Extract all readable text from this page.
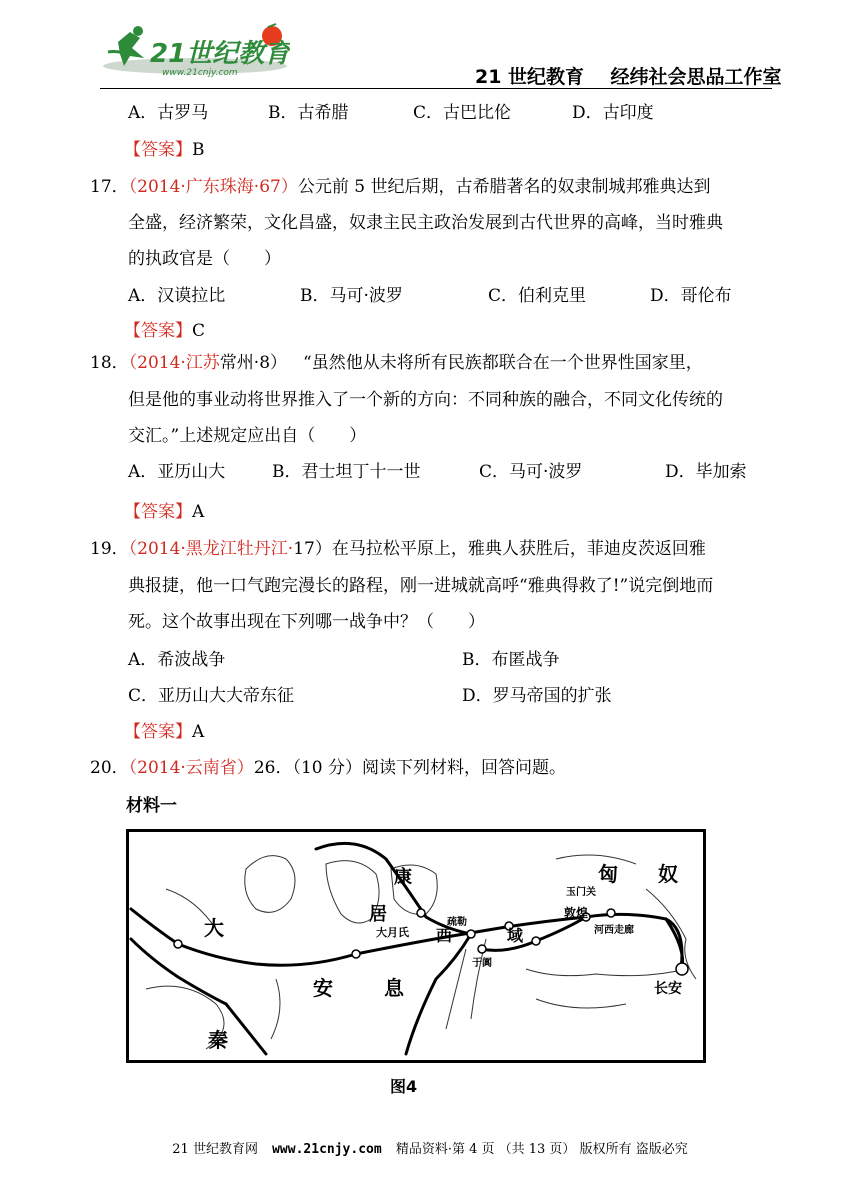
21世纪教育
www.21cnjy.com	21 世纪教育    经纬社会思品工作室
A．古罗马	B．古希腊	C．古巴比伦	D．古印度
【答案】B
17．（2014·广东珠海·67）公元前 5 世纪后期，古希腊著名的奴隶制城邦雅典达到
全盛，经济繁荣，文化昌盛，奴隶主民主政治发展到古代世界的高峰，当时雅典
的执政官是（　　）
A．汉谟拉比	B．马可·波罗	C．伯利克里	D．哥伦布
【答案】C
18．（2014·江苏常州·8） “虽然他从未将所有民族都联合在一个世界性国家里，
但是他的事业动将世界推入了一个新的方向：不同种族的融合，不同文化传统的
交汇。”上述规定应出自（　　）
A．亚历山大	B．君士坦丁十一世	C．马可·波罗	D．毕加索
【答案】A
19．（2014·黑龙江牡丹江·17）在马拉松平原上，雅典人获胜后，菲迪皮茨返回雅
典报捷，他一口气跑完漫长的路程，刚一进城就高呼“雅典得救了!”说完倒地而
死。这个故事出现在下列哪一战争中？（　　）
A．希波战争	B．布匿战争
C．亚历山大大帝东征	D．罗马帝国的扩张
【答案】A
20．（2014·云南省）26．（10 分）阅读下列材料，回答问题。
材料一
康	匈 奴
居
大月氏
疏勒
玉门关
敦煌
河西走廊
西	域
于阗
长安
大
秦
安	息
图4
21 世纪教育网 www.21cnjy.com 精品资料·第 4 页 （共 13 页） 版权所有 盗版必究
